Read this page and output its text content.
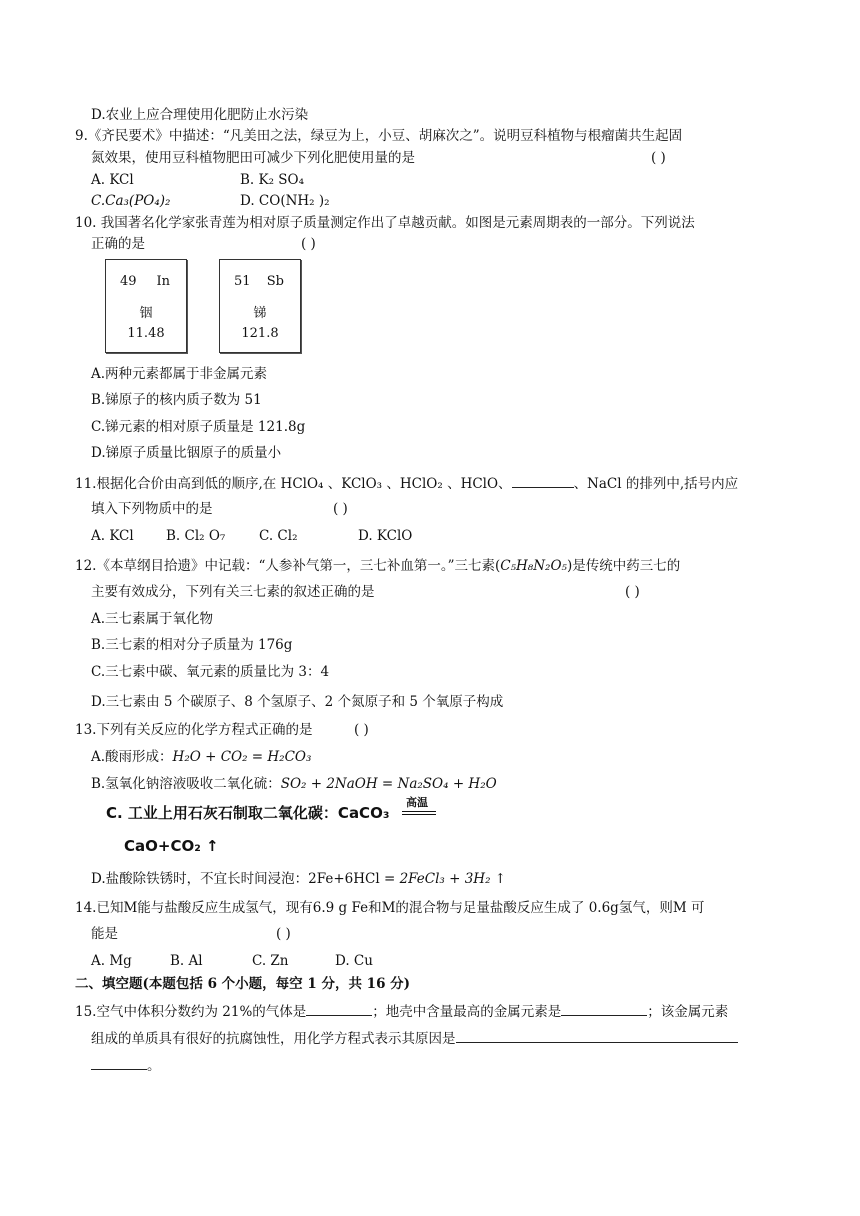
D.农业上应合理使用化肥防止水污染
9.《齐民要术》中描述：“凡美田之法，绿豆为上，小豆、胡麻次之”。说明豆科植物与根瘤菌共生起固
氮效果，使用豆科植物肥田可减少下列化肥使用量的是	( )
A. KCl	B. K₂ SO₄
C.Ca₃(PO₄)₂	D. CO(NH₂ )₂
10. 我国著名化学家张青莲为相对原子质量测定作出了卓越贡献。如图是元素周期表的一部分。下列说法
正确的是	( )
49 In
铟
11.48
51 Sb
锑
121.8
A.两种元素都属于非金属元素
B.锑原子的核内质子数为 51
C.锑元素的相对原子质量是 121.8g
D.锑原子质量比铟原子的质量小
11.根据化合价由高到低的顺序,在 HClO₄ 、KClO₃ 、HClO₂ 、HClO、	、NaCl 的排列中,括号内应
填入下列物质中的是	( )
A. KCl B. Cl₂ O₇ C. Cl₂	D. KClO
12.《本草纲目拾遗》中记载：“人参补气第一，三七补血第一。”三七素(C₅H₈N₂O₅)是传统中药三七的
主要有效成分，下列有关三七素的叙述正确的是	( )
A.三七素属于氧化物
B.三七素的相对分子质量为 176g
C.三七素中碳、氧元素的质量比为 3：4
D.三七素由 5 个碳原子、8 个氢原子、2 个氮原子和 5 个氧原子构成
13.下列有关反应的化学方程式正确的是	( )
A.酸雨形成：H₂O + CO₂ = H₂CO₃
B.氢氧化钠溶液吸收二氧化硫：SO₂ + 2NaOH = Na₂SO₄ + H₂O
C. 工业上用石灰石制取二氧化碳：CaCO₃
高温
CaO+CO₂ ↑
D.盐酸除铁锈时，不宜长时间浸泡：2Fe+6HCl = 2FeCl₃ + 3H₂ ↑
14.已知M能与盐酸反应生成氢气，现有6.9 g Fe和M的混合物与足量盐酸反应生成了 0.6g氢气，则M 可
能是	( )
A. Mg	B. Al	C. Zn	D. Cu
二、填空题(本题包括 6 个小题，每空 1 分，共 16 分)
15.空气中体积分数约为 21%的气体是	；地壳中含量最高的金属元素是	；该金属元素
组成的单质具有很好的抗腐蚀性，用化学方程式表示其原因是
。
